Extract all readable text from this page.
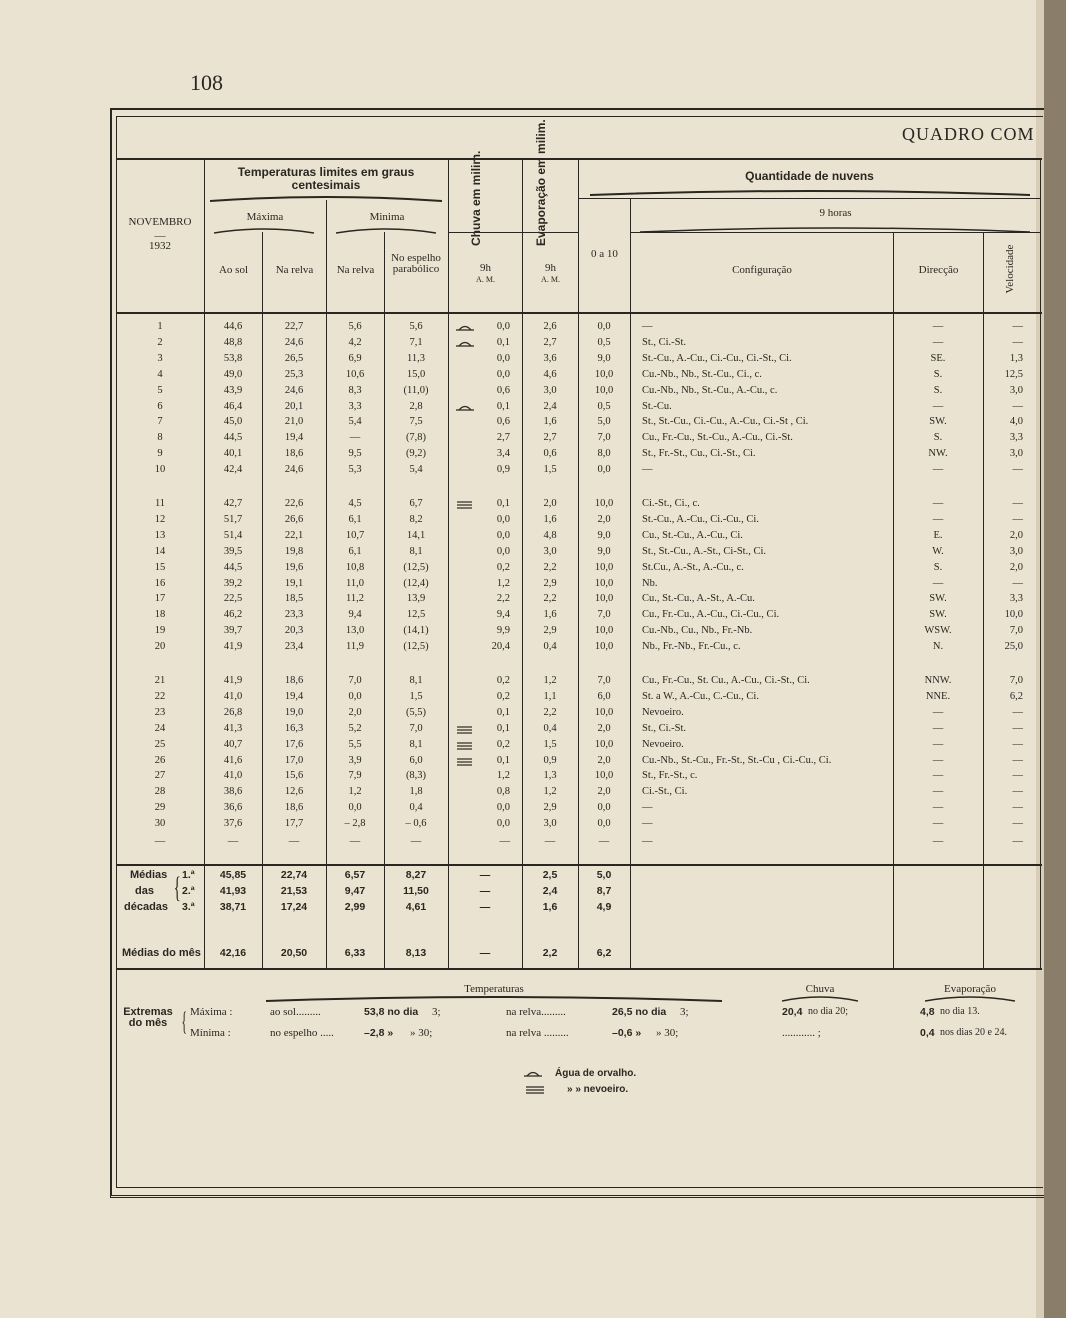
108
QUADRO COM
Temperaturas limites em graus centesimais
Máxima	Minima
NOVEMBRO
—
1932
Ao sol	Na relva	Na relva
No espelho parabólico
Chuva em milim.	Evaporação em milim.
9h
A. M.
9h
A. M.
Quantidade de nuvens
9 horas
0 a 10
Configuração	Direcção	Velocidade
1	44,6	22,7	5,6	5,6	0,0	2,6	0,0	—	—	—
2	48,8	24,6	4,2	7,1	0,1	2,7	0,5	St., Ci.-St.	—	—
3	53,8	26,5	6,9	11,3	0,0	3,6	9,0	St.-Cu., A.-Cu., Ci.-Cu., Ci.-St., Ci.	SE.	1,3
4	49,0	25,3	10,6	15,0	0,0	4,6	10,0	Cu.-Nb., Nb., St.-Cu., Ci., c.	S.	12,5
5	43,9	24,6	8,3	(11,0)	0,6	3,0	10,0	Cu.-Nb., Nb., St.-Cu., A.-Cu., c.	S.	3,0
6	46,4	20,1	3,3	2,8	0,1	2,4	0,5	St.-Cu.	—	—
7	45,0	21,0	5,4	7,5	0,6	1,6	5,0	St., St.-Cu., Ci.-Cu., A.-Cu., Ci.-St , Ci.	SW.	4,0
8	44,5	19,4	—	(7,8)	2,7	2,7	7,0	Cu., Fr.-Cu., St.-Cu., A.-Cu., Ci.-St.	S.	3,3
9	40,1	18,6	9,5	(9,2)	3,4	0,6	8,0	St., Fr.-St., Cu., Ci.-St., Ci.	NW.	3,0
10	42,4	24,6	5,3	5,4	0,9	1,5	0,0	—	—	—
11	42,7	22,6	4,5	6,7	0,1	2,0	10,0	Ci.-St., Ci., c.	—	—
12	51,7	26,6	6,1	8,2	0,0	1,6	2,0	St.-Cu., A.-Cu., Ci.-Cu., Ci.	—	—
13	51,4	22,1	10,7	14,1	0,0	4,8	9,0	Cu., St.-Cu., A.-Cu., Ci.	E.	2,0
14	39,5	19,8	6,1	8,1	0,0	3,0	9,0	St., St.-Cu., A.-St., Ci-St., Ci.	W.	3,0
15	44,5	19,6	10,8	(12,5)	0,2	2,2	10,0	St.Cu., A.-St., A.-Cu., c.	S.	2,0
16	39,2	19,1	11,0	(12,4)	1,2	2,9	10,0	Nb.	—	—
17	22,5	18,5	11,2	13,9	2,2	2,2	10,0	Cu., St.-Cu., A.-St., A.-Cu.	SW.	3,3
18	46,2	23,3	9,4	12,5	9,4	1,6	7,0	Cu., Fr.-Cu., A.-Cu., Ci.-Cu., Ci.	SW.	10,0
19	39,7	20,3	13,0	(14,1)	9,9	2,9	10,0	Cu.-Nb., Cu., Nb., Fr.-Nb.	WSW.	7,0
20	41,9	23,4	11,9	(12,5)	20,4	0,4	10,0	Nb., Fr.-Nb., Fr.-Cu., c.	N.	25,0
21	41,9	18,6	7,0	8,1	0,2	1,2	7,0	Cu., Fr.-Cu., St. Cu., A.-Cu., Ci.-St., Ci.	NNW.	7,0
22	41,0	19,4	0,0	1,5	0,2	1,1	6,0	St. a W., A.-Cu., C.-Cu., Ci.	NNE.	6,2
23	26,8	19,0	2,0	(5,5)	0,1	2,2	10,0	Nevoeiro.	—	—
24	41,3	16,3	5,2	7,0	0,1	0,4	2,0	St., Ci.-St.	—	—
25	40,7	17,6	5,5	8,1	0,2	1,5	10,0	Nevoeiro.	—	—
26	41,6	17,0	3,9	6,0	0,1	0,9	2,0	Cu.-Nb., St.-Cu., Fr.-St., St.-Cu , Ci.-Cu., Ci.	—	—
27	41,0	15,6	7,9	(8,3)	1,2	1,3	10,0	St., Fr.-St., c.	—	—
28	38,6	12,6	1,2	1,8	0,8	1,2	2,0	Ci.-St., Ci.	—	—
29	36,6	18,6	0,0	0,4	0,0	2,9	0,0	—	—	—
30	37,6	17,7	– 2,8	– 0,6	0,0	3,0	0,0	—	—	—
—	—	—	—	—	—	—	—	—	—	—
Médias
das
décadas
{ 1.ª	45,85	22,74	6,57	8,27	—	2,5	5,0
2.ª	41,93	21,53	9,47	11,50	—	2,4	8,7
3.ª	38,71	17,24	2,99	4,61	—	1,6	4,9
42,16	20,50	6,33	8,13	—	2,2	6,2
Médias do mês
Temperaturas	Chuva	Evaporação
Extremas do mês { Máxima :
Mínima :
ao sol.........	53,8 no dia 3;	na relva.........	26,5 no dia 3;
no espelho .....	–2,8 » » 30;	na relva .........	–0,6 » » 30;
20,4 no dia 20;
............ ;
4,8 no dia 13.
0,4 nos dias 20 e 24.
Água de orvalho.
» » nevoeiro.
